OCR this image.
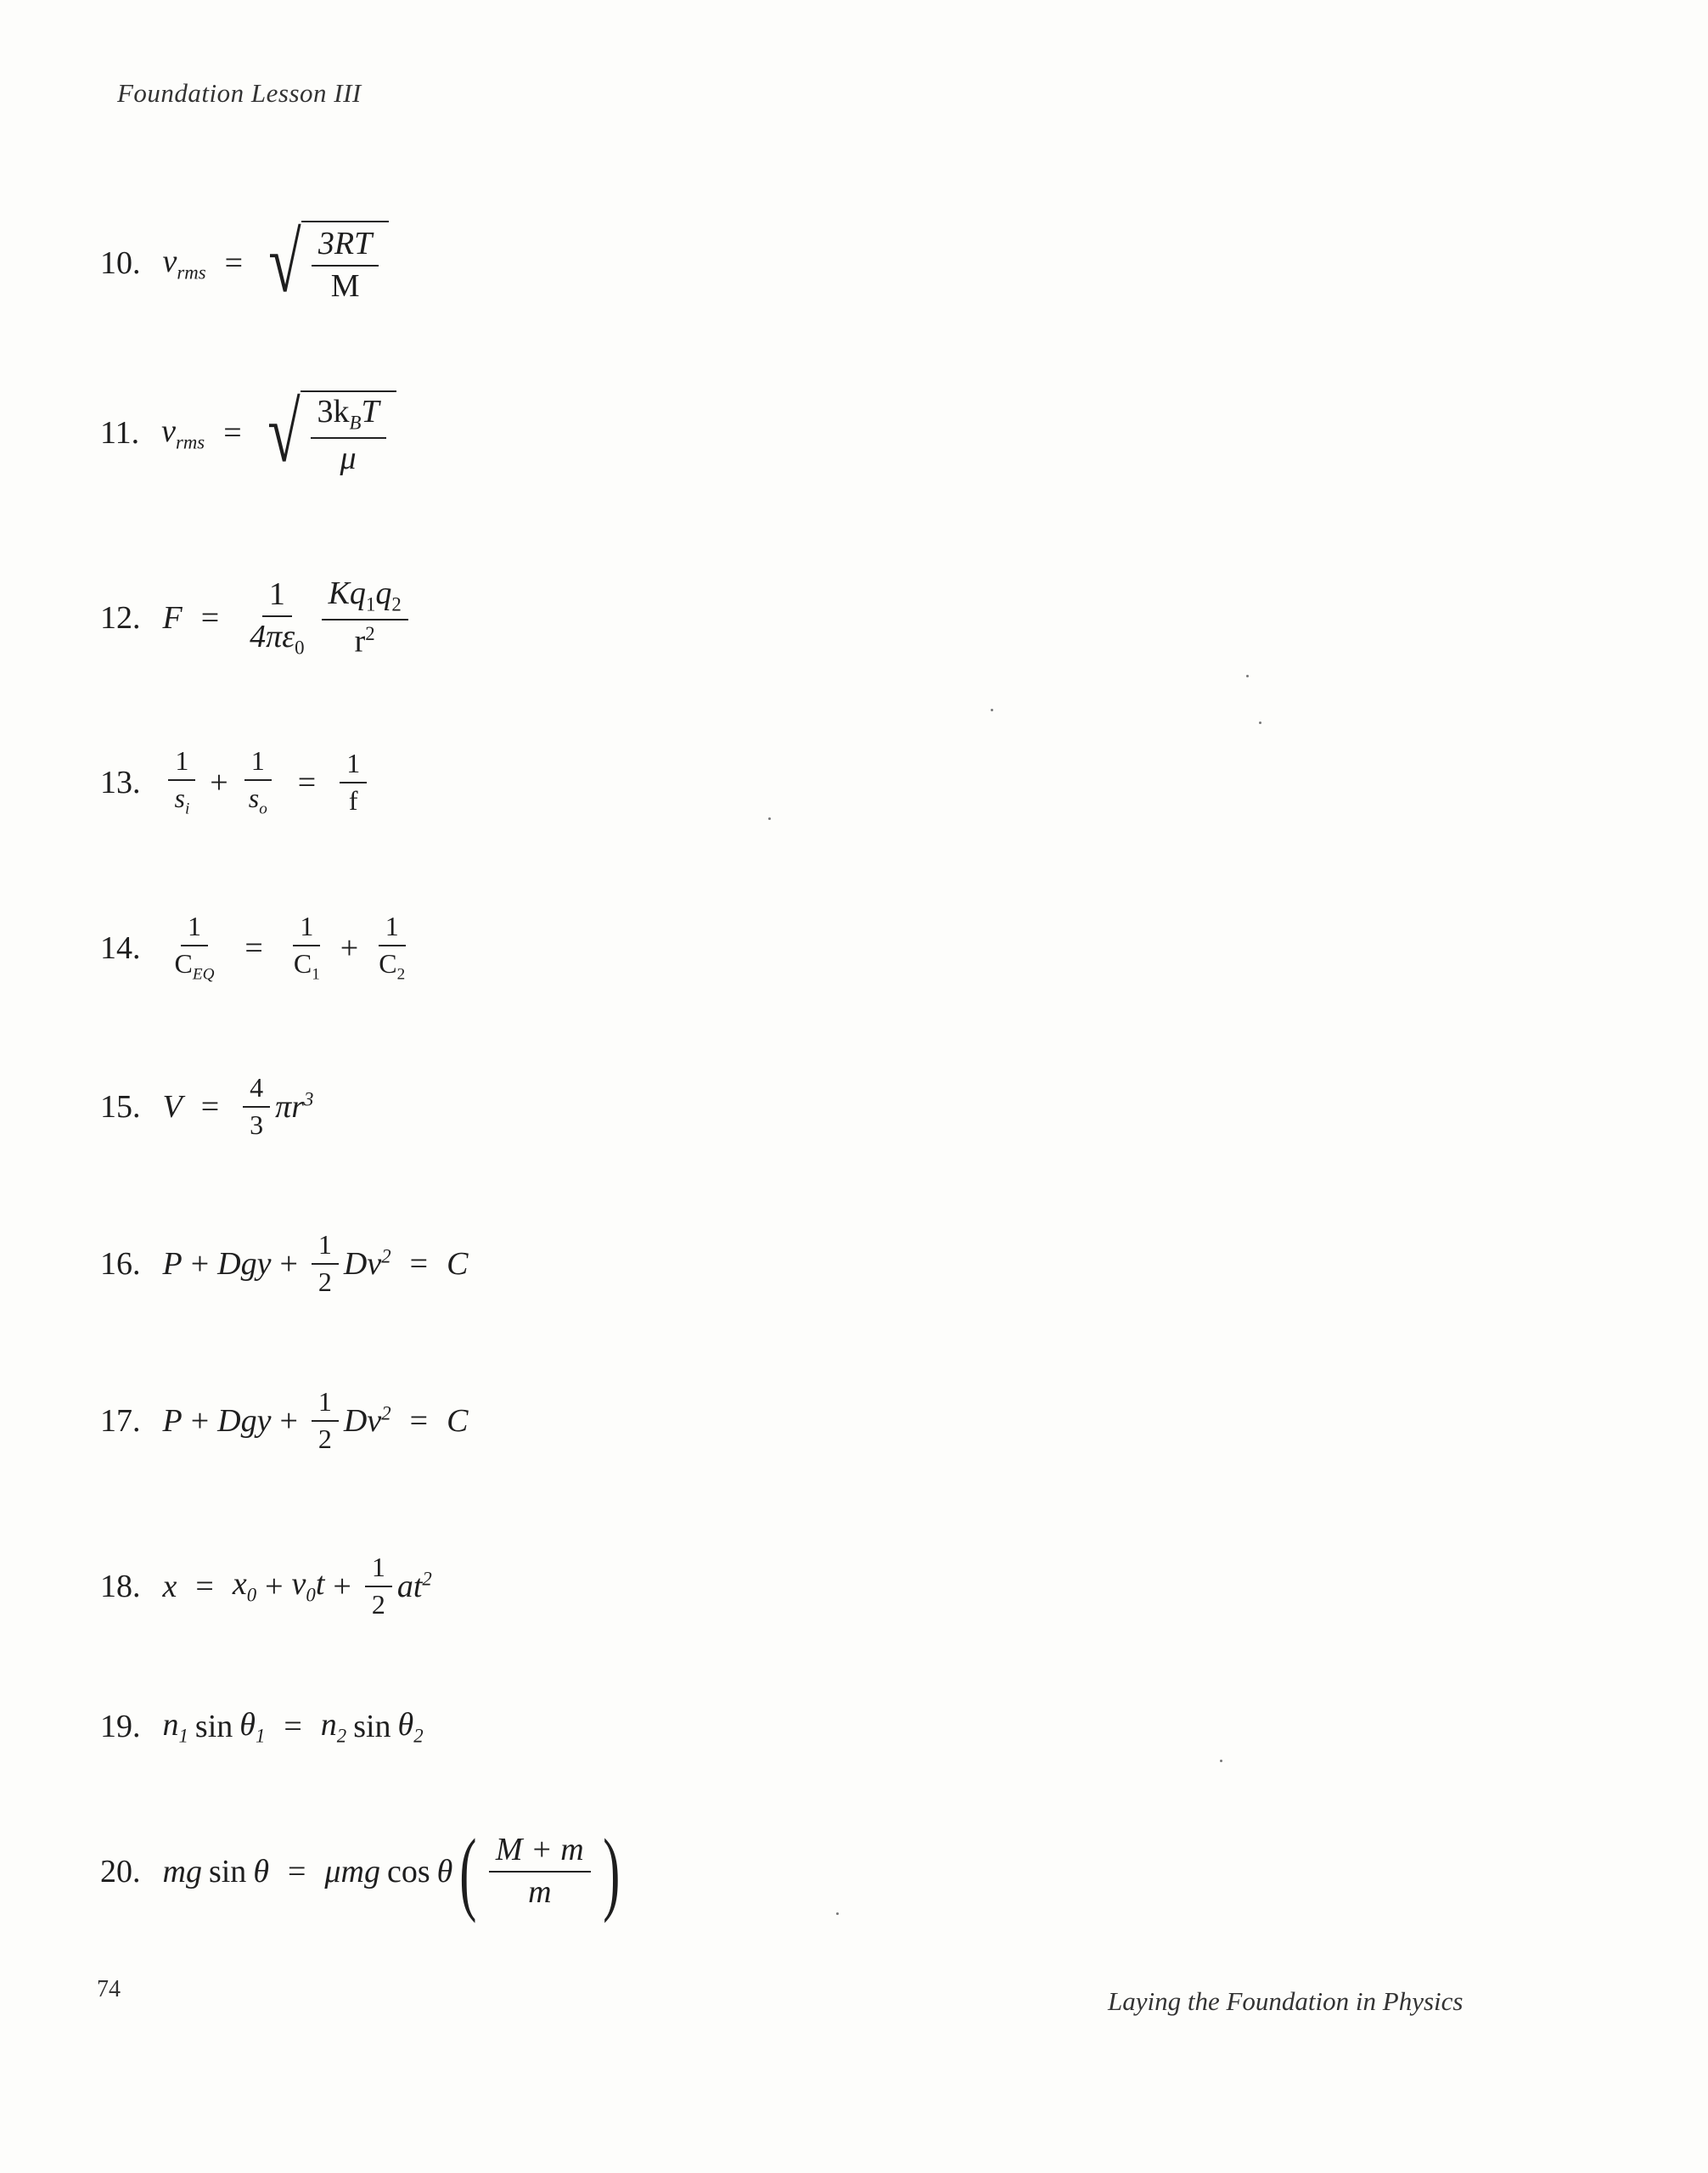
Foundation Lesson III
10. $v_{rms}$ = √ $\frac{3RT}{M}$
11. $v_{rms}$ = √ $\frac{3k_BT}{\mu}$
12. $F = \frac{1}{4\pi\varepsilon_0} \frac{Kq_1q_2}{r^2}$
13. $\frac{1}{s_i} + \frac{1}{s_o} = \frac{1}{f}$
14. $\frac{1}{C_{EQ}} = \frac{1}{C_1} + \frac{1}{C_2}$
15. $V = \frac{4}{3} \pi r^3$
16. P + Dgy + $\frac{1}{2} Dv^2 = C$
17. P + Dgy + $\frac{1}{2} Dv^2 = C$
18. $x = x_0 + v_0t + \frac{1}{2} at^2$
19. $n_1$ $\sin \theta_1 = n_2$ $\sin \theta_2$
20. mg sin θ = μmg cos θ ( $\frac{M + m}{m}$ )
74	Laying the Foundation in Physics
